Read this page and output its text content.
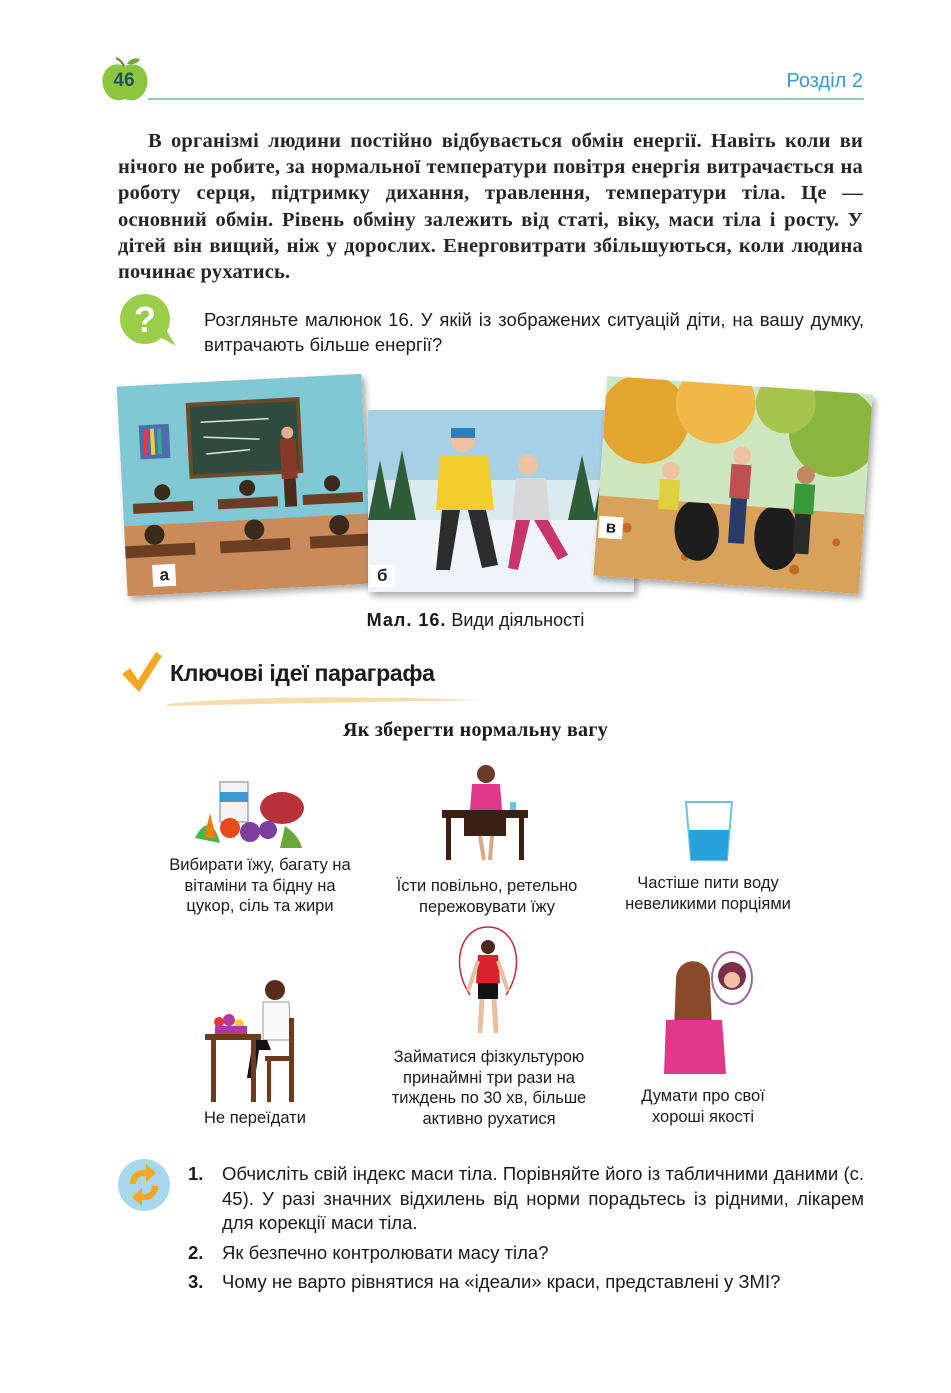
46	Розділ 2
В організмі людини постійно відбувається обмін енергії. Навіть коли ви нічого не робите, за нормальної температури повітря енергія витрачається на роботу серця, підтримку дихання, травлення, температури тіла. Це — основний обмін. Рівень обміну залежить від статі, віку, маси тіла і росту. У дітей він вищий, ніж у дорослих. Енерговитрати збільшуються, коли людина починає рухатись.
?	Розгляньте малюнок 16. У якій із зображених ситуацій діти, на вашу думку, витрачають більше енергії?
а	б
в
Мал. 16. Види діяльності
Ключові ідеї параграфа
Як зберегти нормальну вагу
Вибирати їжу, багату на вітаміни та бідну на цукор, сіль та жири
Їсти повільно, ретельно пережовувати їжу
Частіше пити воду невеликими порціями
Не переїдати
Займатися фізкультурою принаймні три рази на тиждень по 30 хв, більше активно рухатися
Думати про свої хороші якості
1. Обчисліть свій індекс маси тіла. Порівняйте його із табличними даними (с. 45). У разі значних відхилень від норми порадьтесь із рідними, лікарем для корекції маси тіла.
2. Як безпечно контролювати масу тіла?
3. Чому не варто рівнятися на «ідеали» краси, представлені у ЗМІ?
